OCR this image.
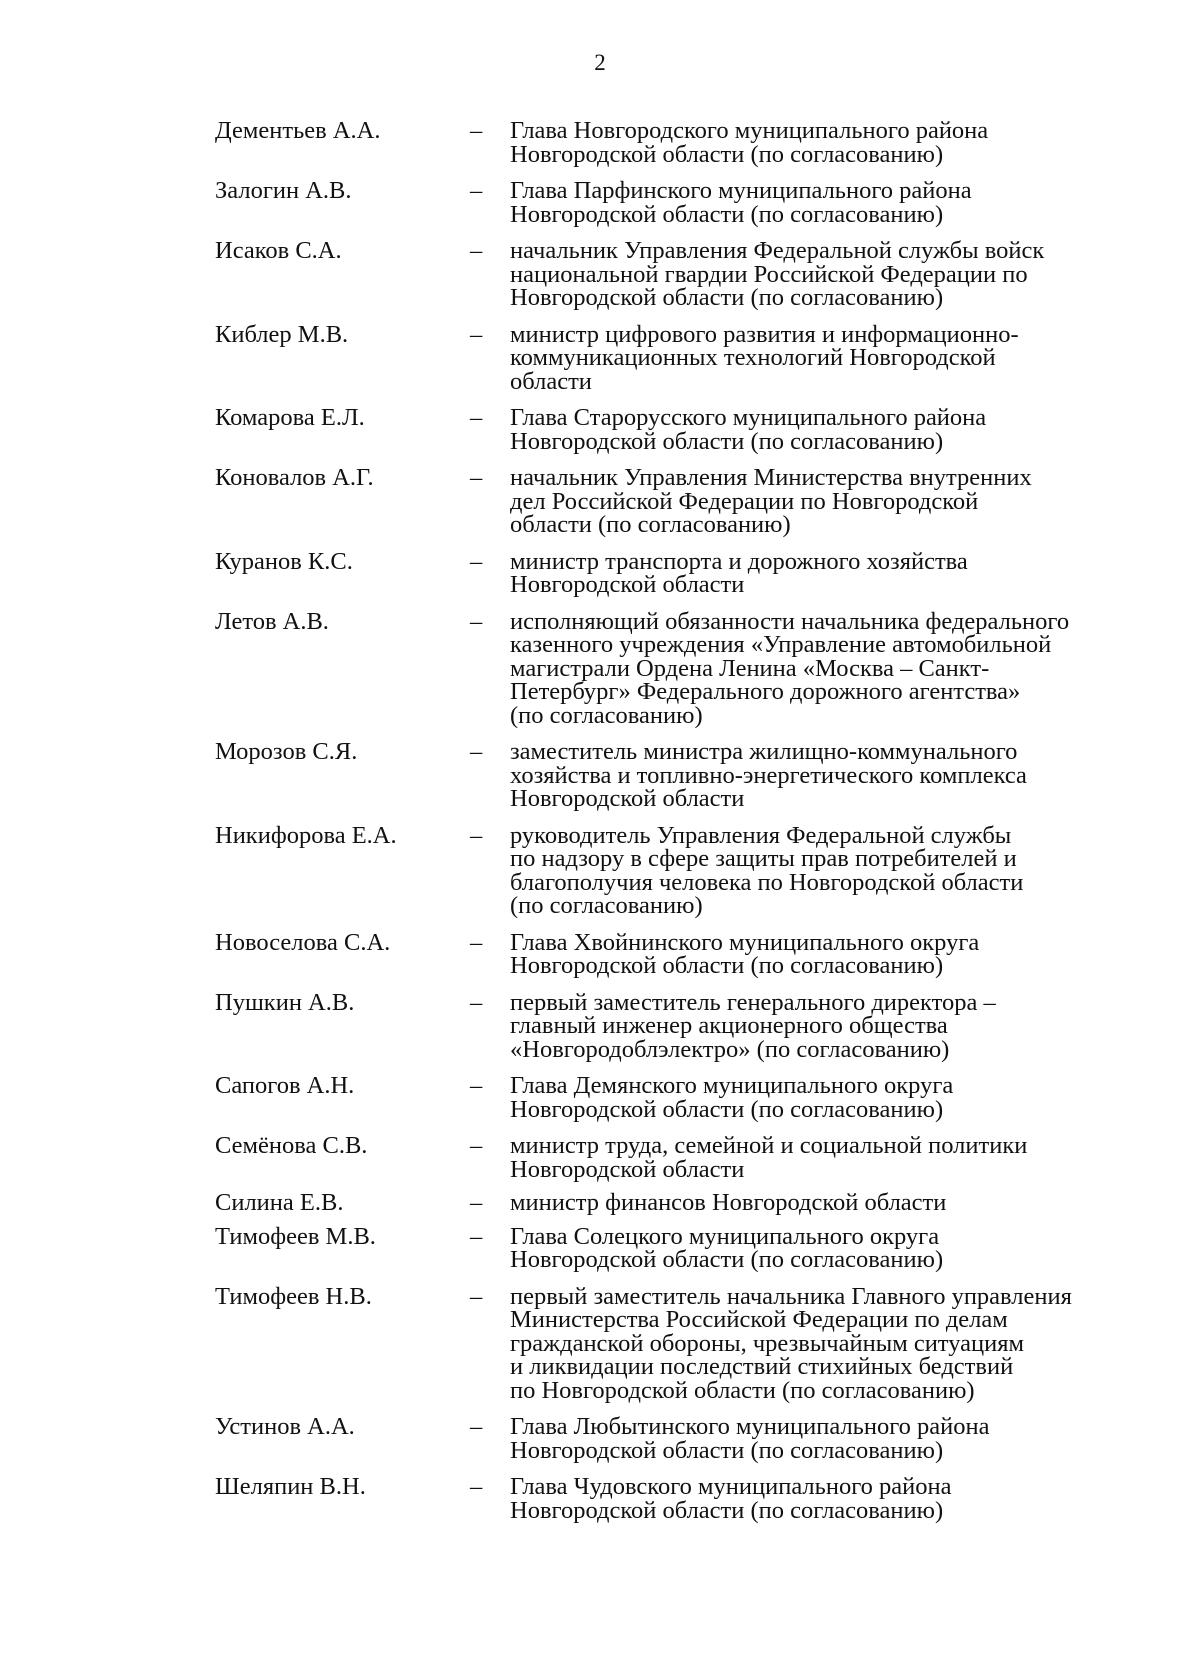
2
Дементьев А.А.	–	Глава Новгородского муниципального района
Новгородской области (по согласованию)
Залогин А.В.	–	Глава Парфинского муниципального района
Новгородской области (по согласованию)
Исаков С.А.	–	начальник Управления Федеральной службы войск
национальной гвардии Российской Федерации по
Новгородской области (по согласованию)
Киблер М.В.	–	министр цифрового развития и информационно-
коммуникационных технологий Новгородской
области
Комарова Е.Л.	–	Глава Старорусского муниципального района
Новгородской области (по согласованию)
Коновалов А.Г.	–	начальник Управления Министерства внутренних
дел Российской Федерации по Новгородской
области (по согласованию)
Куранов К.С.	–	министр транспорта и дорожного хозяйства
Новгородской области
Летов А.В.	–	исполняющий обязанности начальника федерального
казенного учреждения «Управление автомобильной
магистрали Ордена Ленина «Москва – Санкт-
Петербург» Федерального дорожного агентства»
(по согласованию)
Морозов С.Я.	–	заместитель министра жилищно-коммунального
хозяйства и топливно-энергетического комплекса
Новгородской области
Никифорова Е.А.	–	руководитель Управления Федеральной службы
по надзору в сфере защиты прав потребителей и
благополучия человека по Новгородской области
(по согласованию)
Новоселова С.А.	–	Глава Хвойнинского муниципального округа
Новгородской области (по согласованию)
Пушкин А.В.	–	первый заместитель генерального директора –
главный инженер акционерного общества
«Новгородоблэлектро» (по согласованию)
Сапогов А.Н.	–	Глава Демянского муниципального округа
Новгородской области (по согласованию)
Семёнова С.В.	–	министр труда, семейной и социальной политики
Новгородской области
Силина Е.В.	–	министр финансов Новгородской области
Тимофеев М.В.	–	Глава Солецкого муниципального округа
Новгородской области (по согласованию)
Тимофеев Н.В.	–	первый заместитель начальника Главного управления
Министерства Российской Федерации по делам
гражданской обороны, чрезвычайным ситуациям
и ликвидации последствий стихийных бедствий
по Новгородской области (по согласованию)
Устинов А.А.	–	Глава Любытинского муниципального района
Новгородской области (по согласованию)
Шеляпин В.Н.	–	Глава Чудовского муниципального района
Новгородской области (по согласованию)
